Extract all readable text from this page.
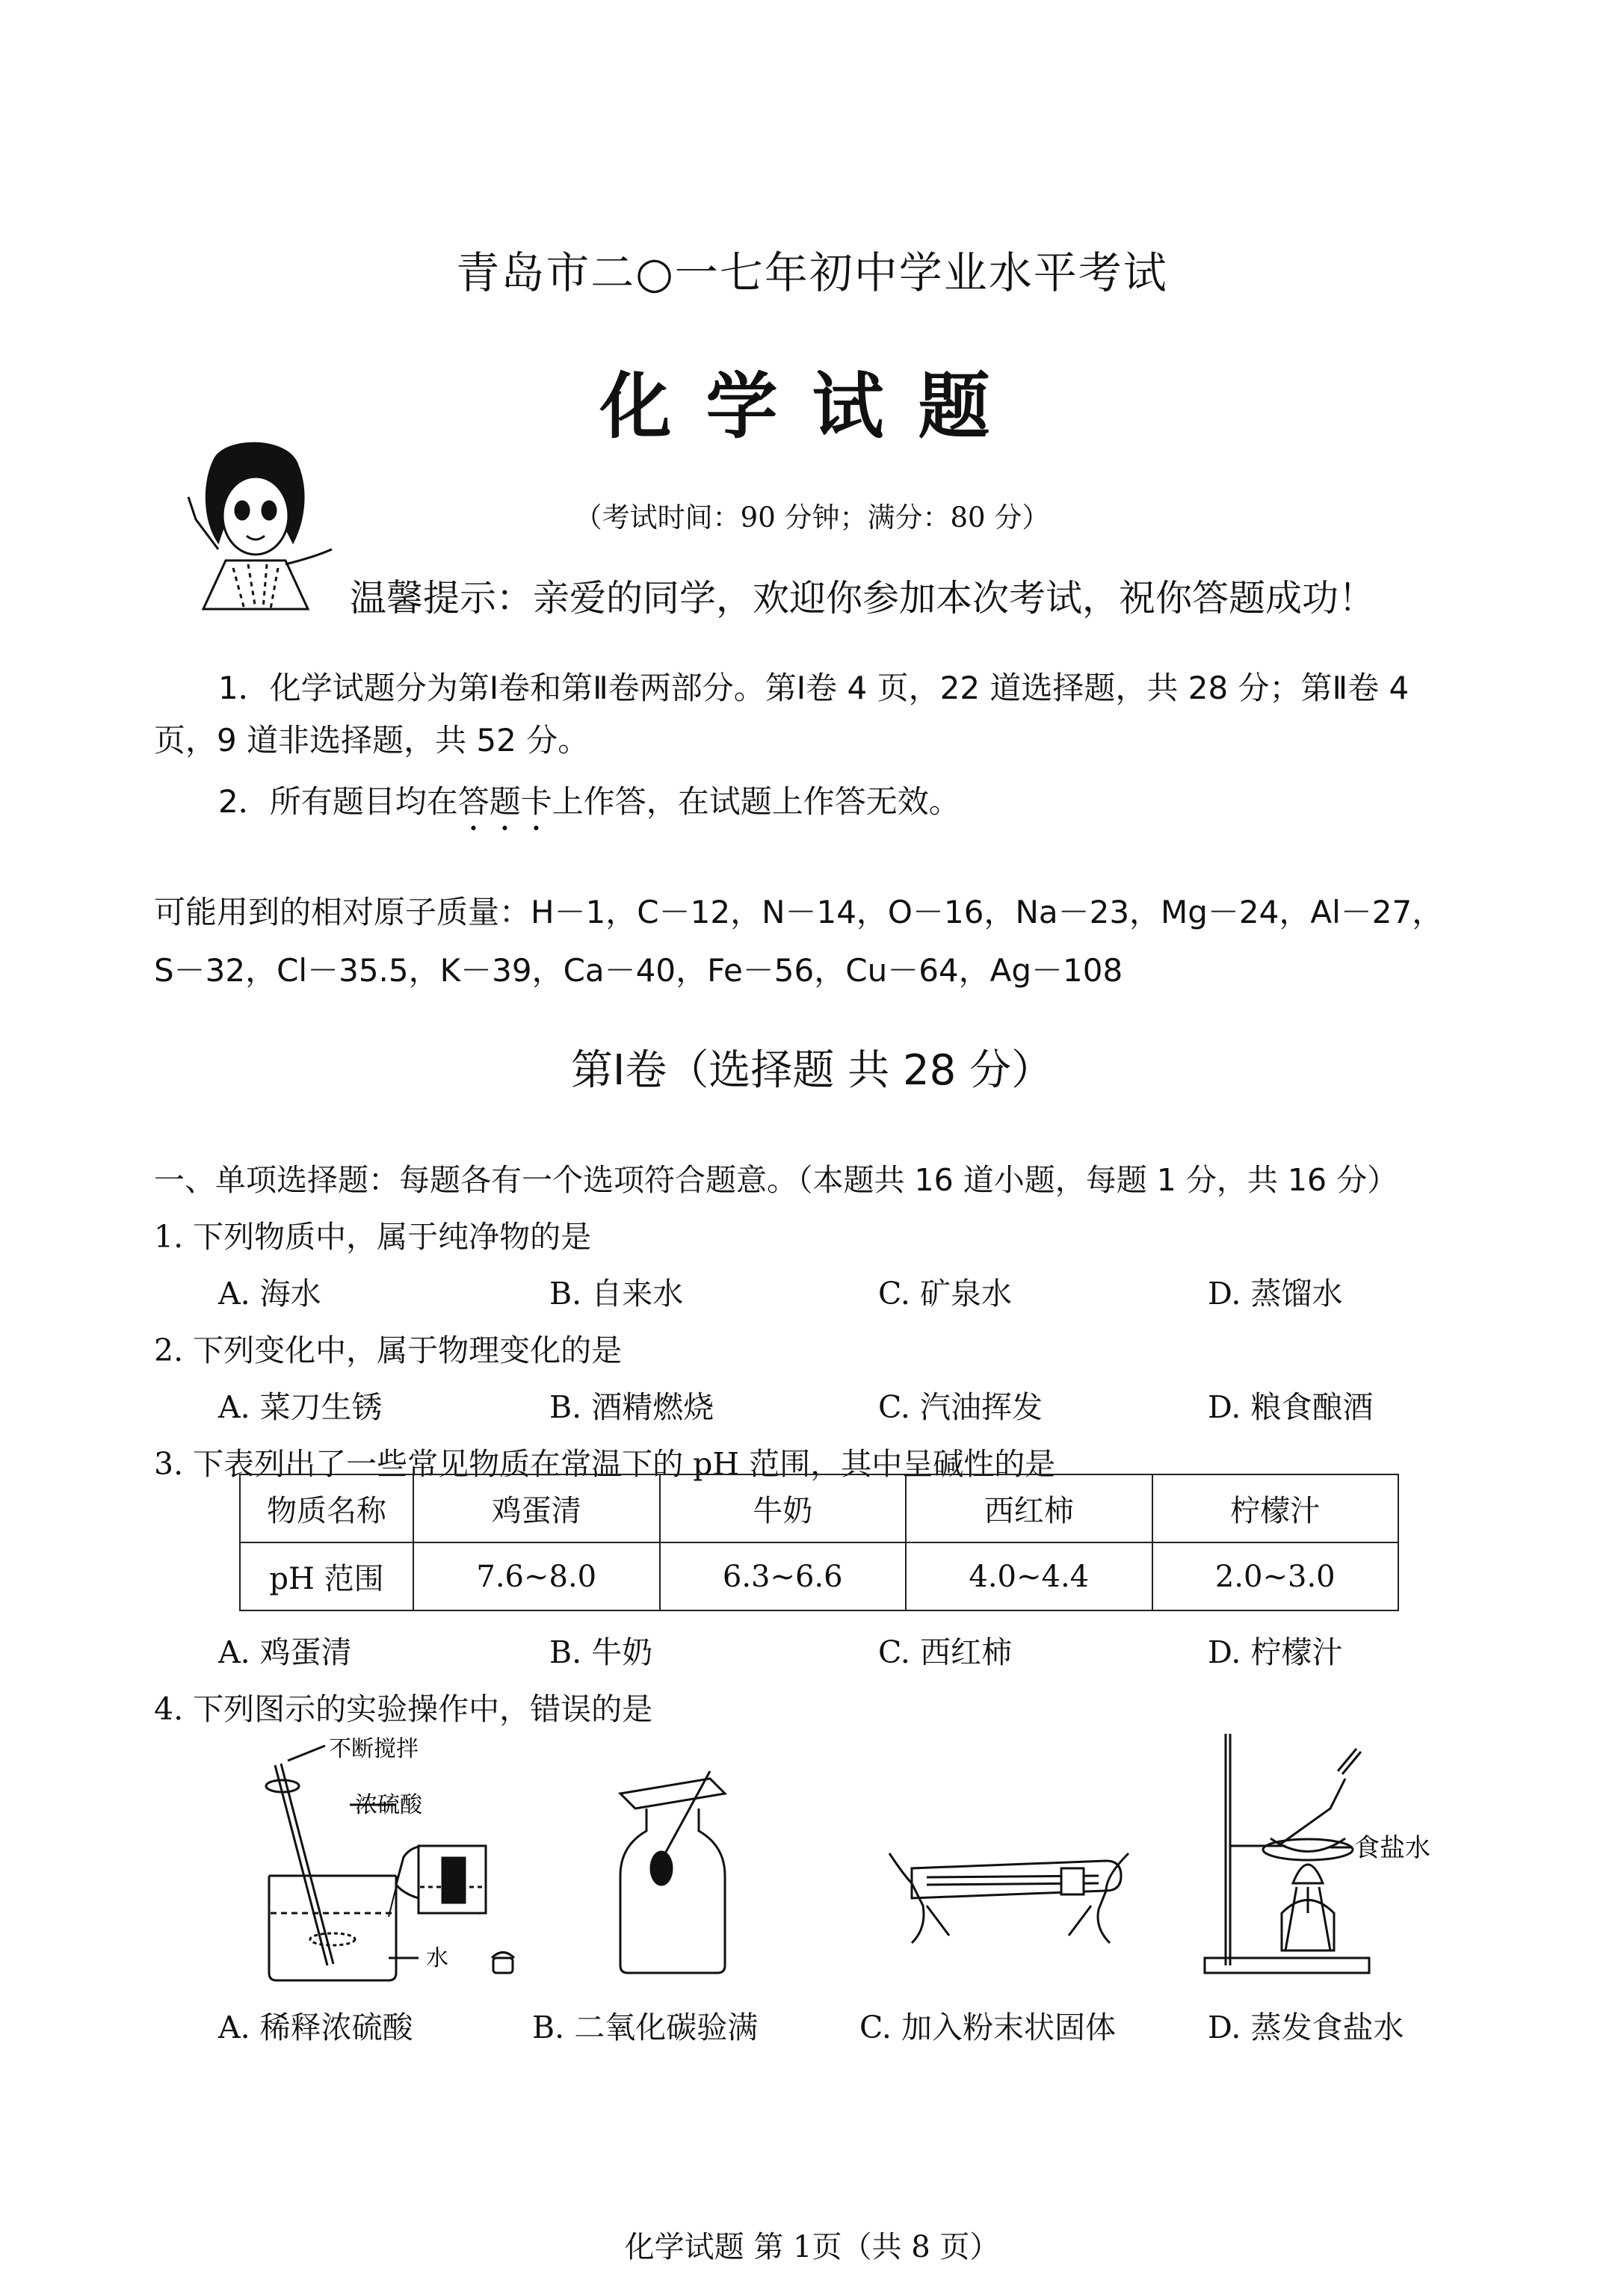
青岛市二○一七年初中学业水平考试
化学试题
（考试时间：90 分钟；满分：80 分）
温馨提示：亲爱的同学，欢迎你参加本次考试，祝你答题成功！
1．化学试题分为第Ⅰ卷和第Ⅱ卷两部分。第Ⅰ卷 4 页，22 道选择题，共 28 分；第Ⅱ卷 4
页，9 道非选择题，共 52 分。
2．所有题目均在答题卡上作答，在试题上作答无效。
可能用到的相对原子质量：H－1，C－12，N－14，O－16，Na－23，Mg－24，Al－27，
S－32，Cl－35.5，K－39，Ca－40，Fe－56，Cu－64，Ag－108
第Ⅰ卷（选择题 共 28 分）
一、单项选择题：每题各有一个选项符合题意。（本题共 16 道小题，每题 1 分，共 16 分）
1. 下列物质中，属于纯净物的是
A. 海水	B. 自来水	C. 矿泉水	D. 蒸馏水
2. 下列变化中，属于物理变化的是
A. 菜刀生锈	B. 酒精燃烧	C. 汽油挥发	D. 粮食酿酒
3. 下表列出了一些常见物质在常温下的 pH 范围，其中呈碱性的是
物质名称	鸡蛋清	牛奶	西红柿	柠檬汁
pH 范围	7.6~8.0	6.3~6.6	4.0~4.4	2.0~3.0
A. 鸡蛋清	B. 牛奶	C. 西红柿	D. 柠檬汁
4. 下列图示的实验操作中，错误的是
不断搅拌
浓硫酸
水
食盐水
A. 稀释浓硫酸	B. 二氧化碳验满	C. 加入粉末状固体	D. 蒸发食盐水
化学试题 第 1页（共 8 页）
